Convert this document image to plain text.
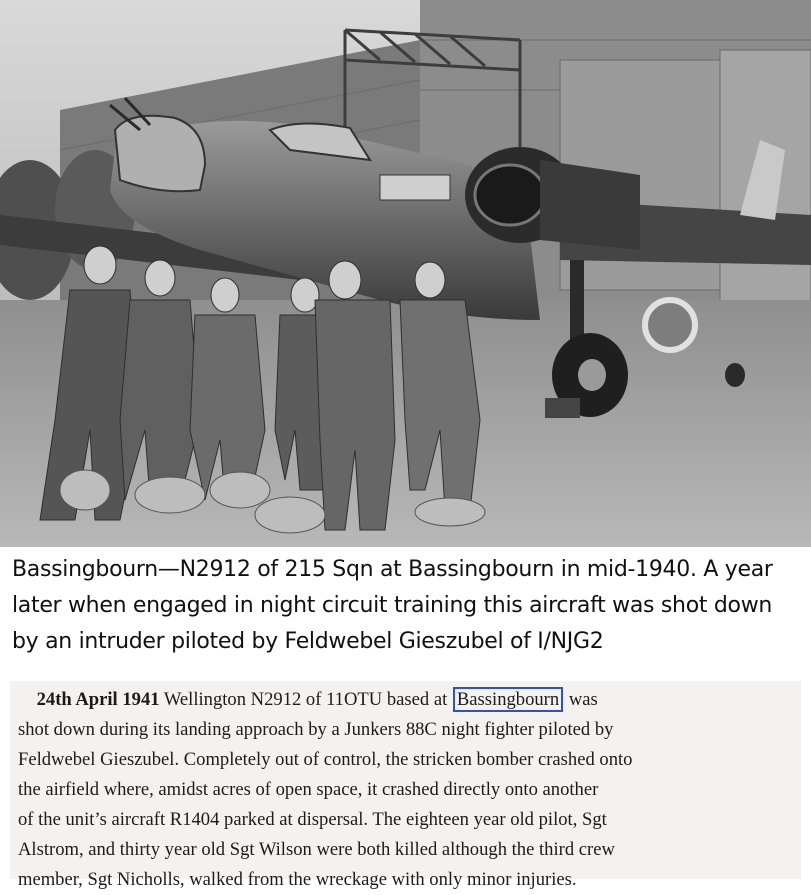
Bassingbourn—N2912 of 215 Sqn at Bassingbourn in mid-1940. A year
later when engaged in night circuit training this aircraft was shot down
by an intruder piloted by Feldwebel Gieszubel of I/NJG2
24th April 1941 Wellington N2912 of 11OTU based at Bassingbourn was
shot down during its landing approach by a Junkers 88C night fighter piloted by
Feldwebel Gieszubel. Completely out of control, the stricken bomber crashed onto
the airfield where, amidst acres of open space, it crashed directly onto another
of the unit’s aircraft R1404 parked at dispersal. The eighteen year old pilot, Sgt
Alstrom, and thirty year old Sgt Wilson were both killed although the third crew
member, Sgt Nicholls, walked from the wreckage with only minor injuries.
